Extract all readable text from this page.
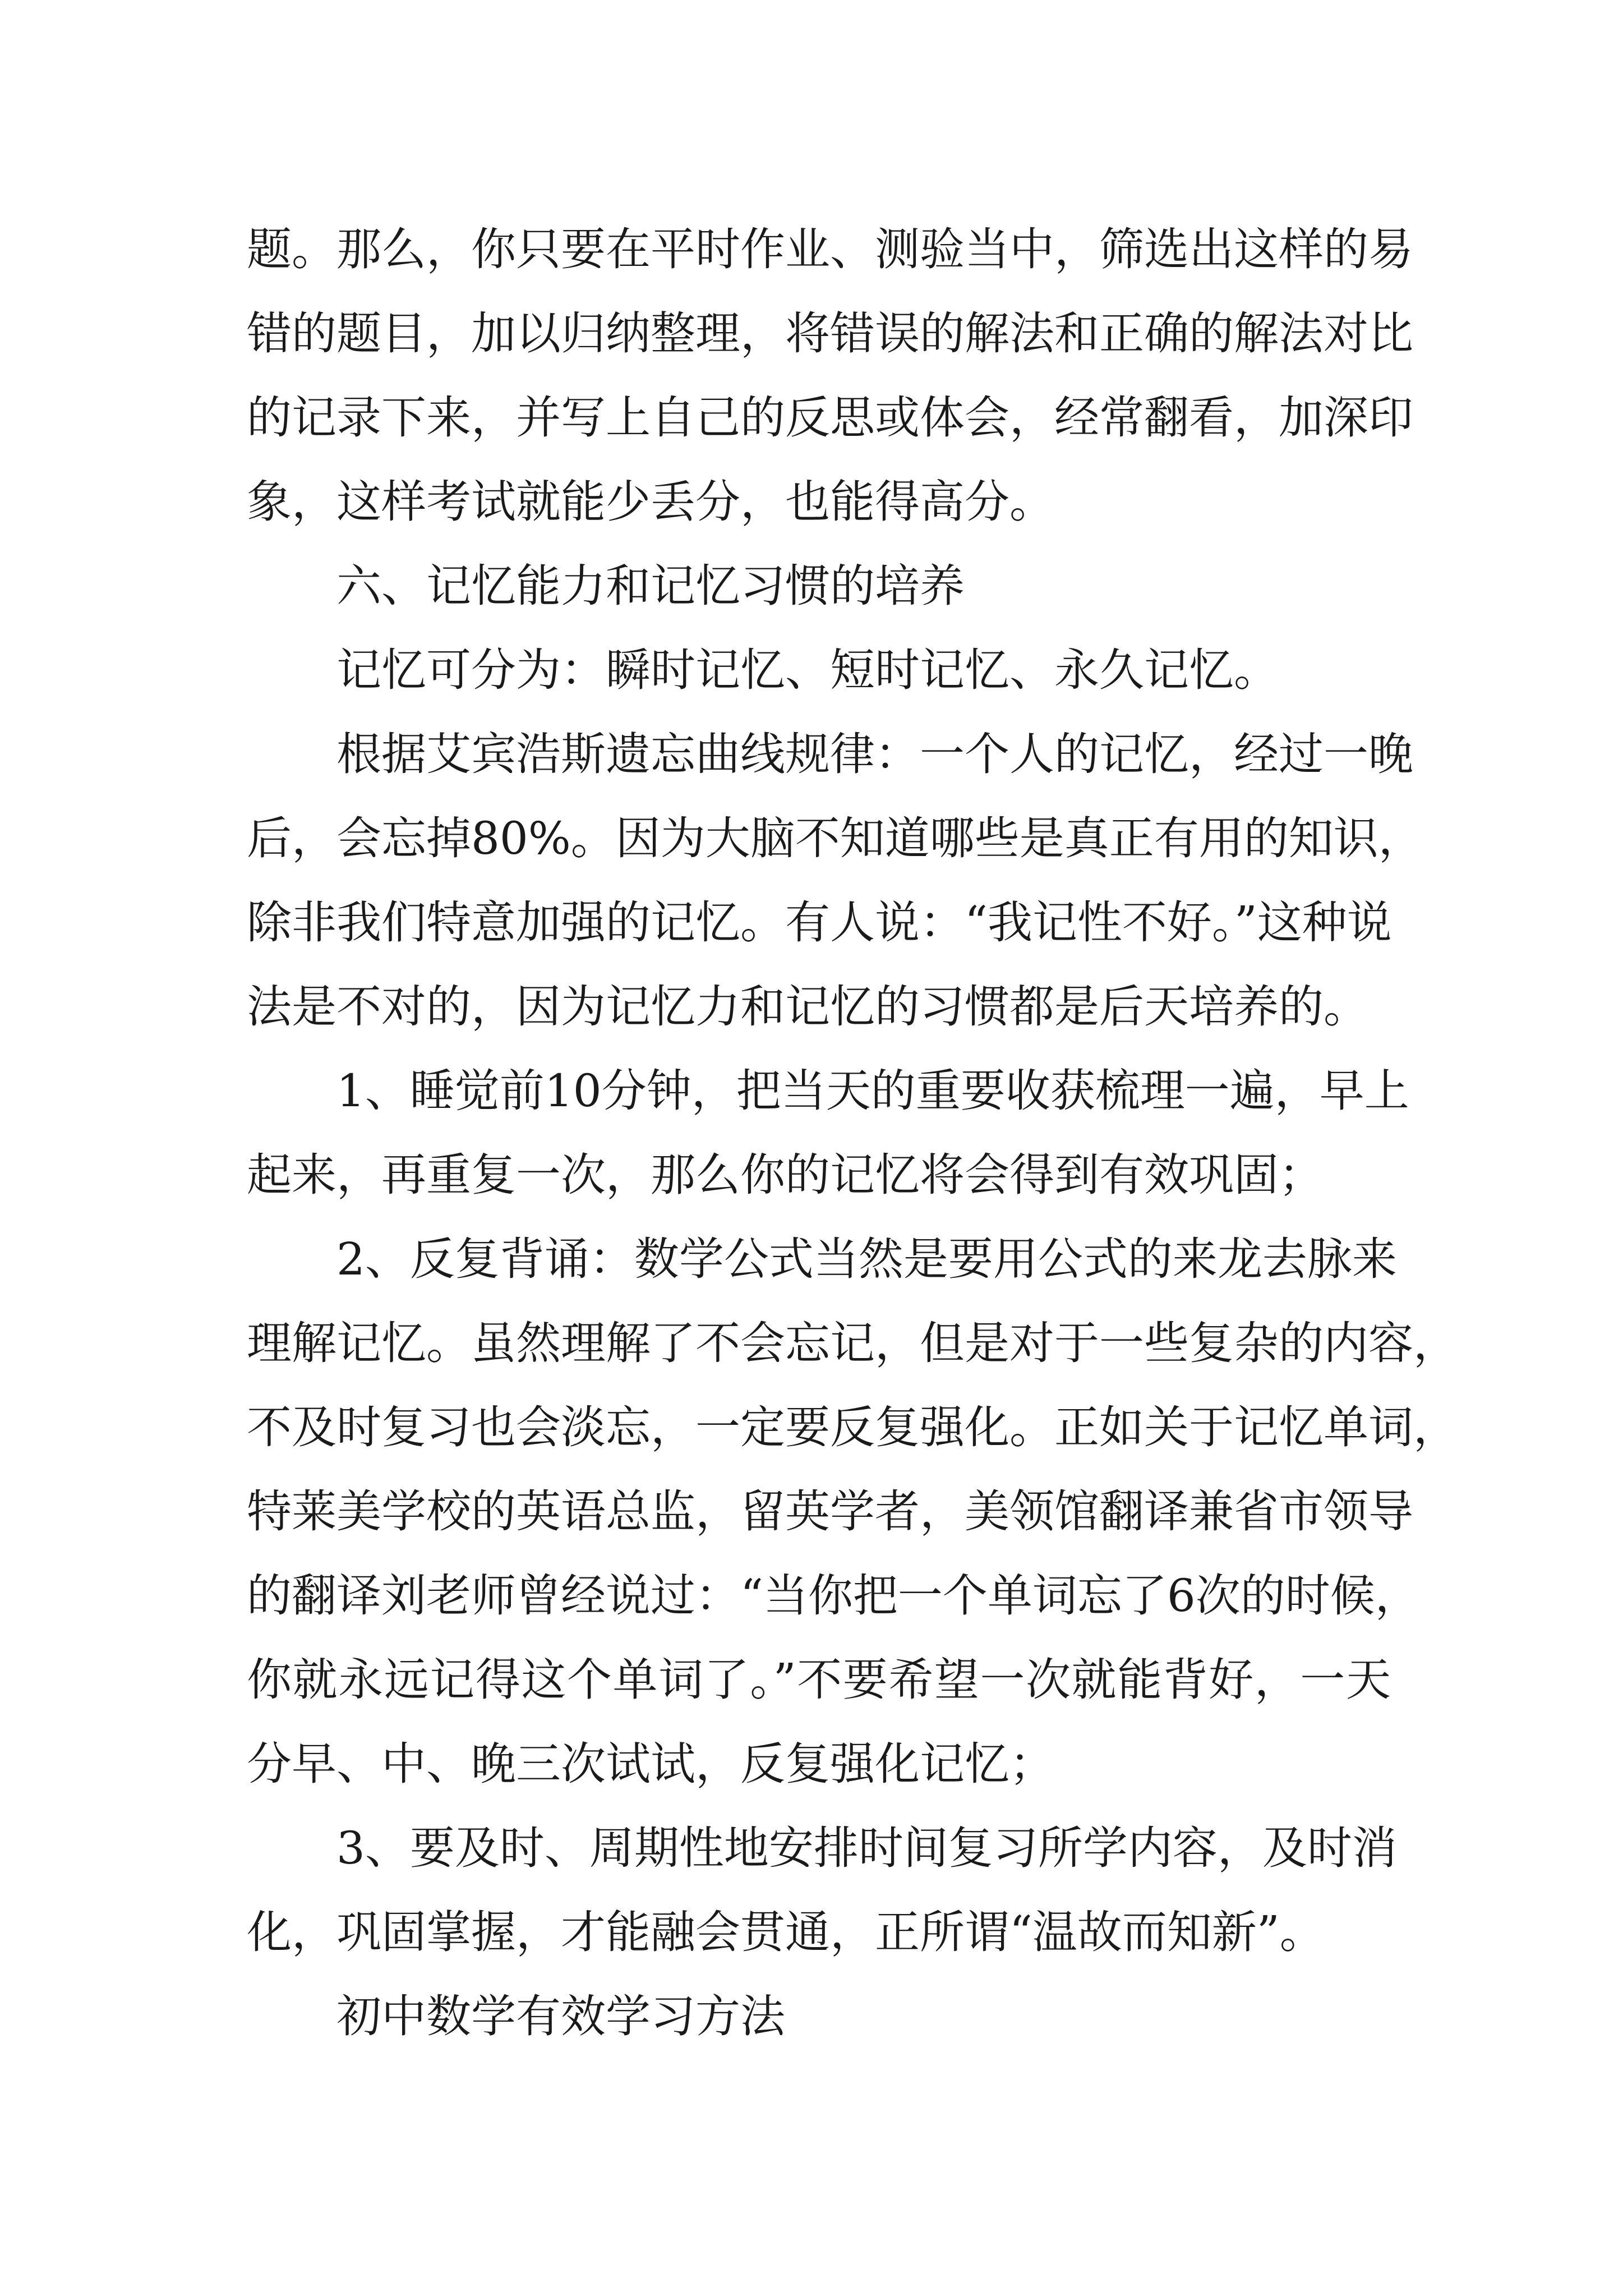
题。那么，你只要在平时作业、测验当中，筛选出这样的易
错的题目，加以归纳整理，将错误的解法和正确的解法对比
的记录下来，并写上自己的反思或体会，经常翻看，加深印
象，这样考试就能少丢分，也能得高分。
六、记忆能力和记忆习惯的培养
记忆可分为：瞬时记忆、短时记忆、永久记忆。
根据艾宾浩斯遗忘曲线规律：一个人的记忆，经过一晚
后，会忘掉80%。因为大脑不知道哪些是真正有用的知识，
除非我们特意加强的记忆。有人说：“我记性不好。”这种说
法是不对的，因为记忆力和记忆的习惯都是后天培养的。
1、睡觉前10分钟，把当天的重要收获梳理一遍，早上
起来，再重复一次，那么你的记忆将会得到有效巩固；
2、反复背诵：数学公式当然是要用公式的来龙去脉来
理解记忆。虽然理解了不会忘记，但是对于一些复杂的内容，
不及时复习也会淡忘，一定要反复强化。正如关于记忆单词，
特莱美学校的英语总监，留英学者，美领馆翻译兼省市领导
的翻译刘老师曾经说过：“当你把一个单词忘了6次的时候，
你就永远记得这个单词了。”不要希望一次就能背好，一天
分早、中、晚三次试试，反复强化记忆；
3、要及时、周期性地安排时间复习所学内容，及时消
化，巩固掌握，才能融会贯通，正所谓“温故而知新”。
初中数学有效学习方法
